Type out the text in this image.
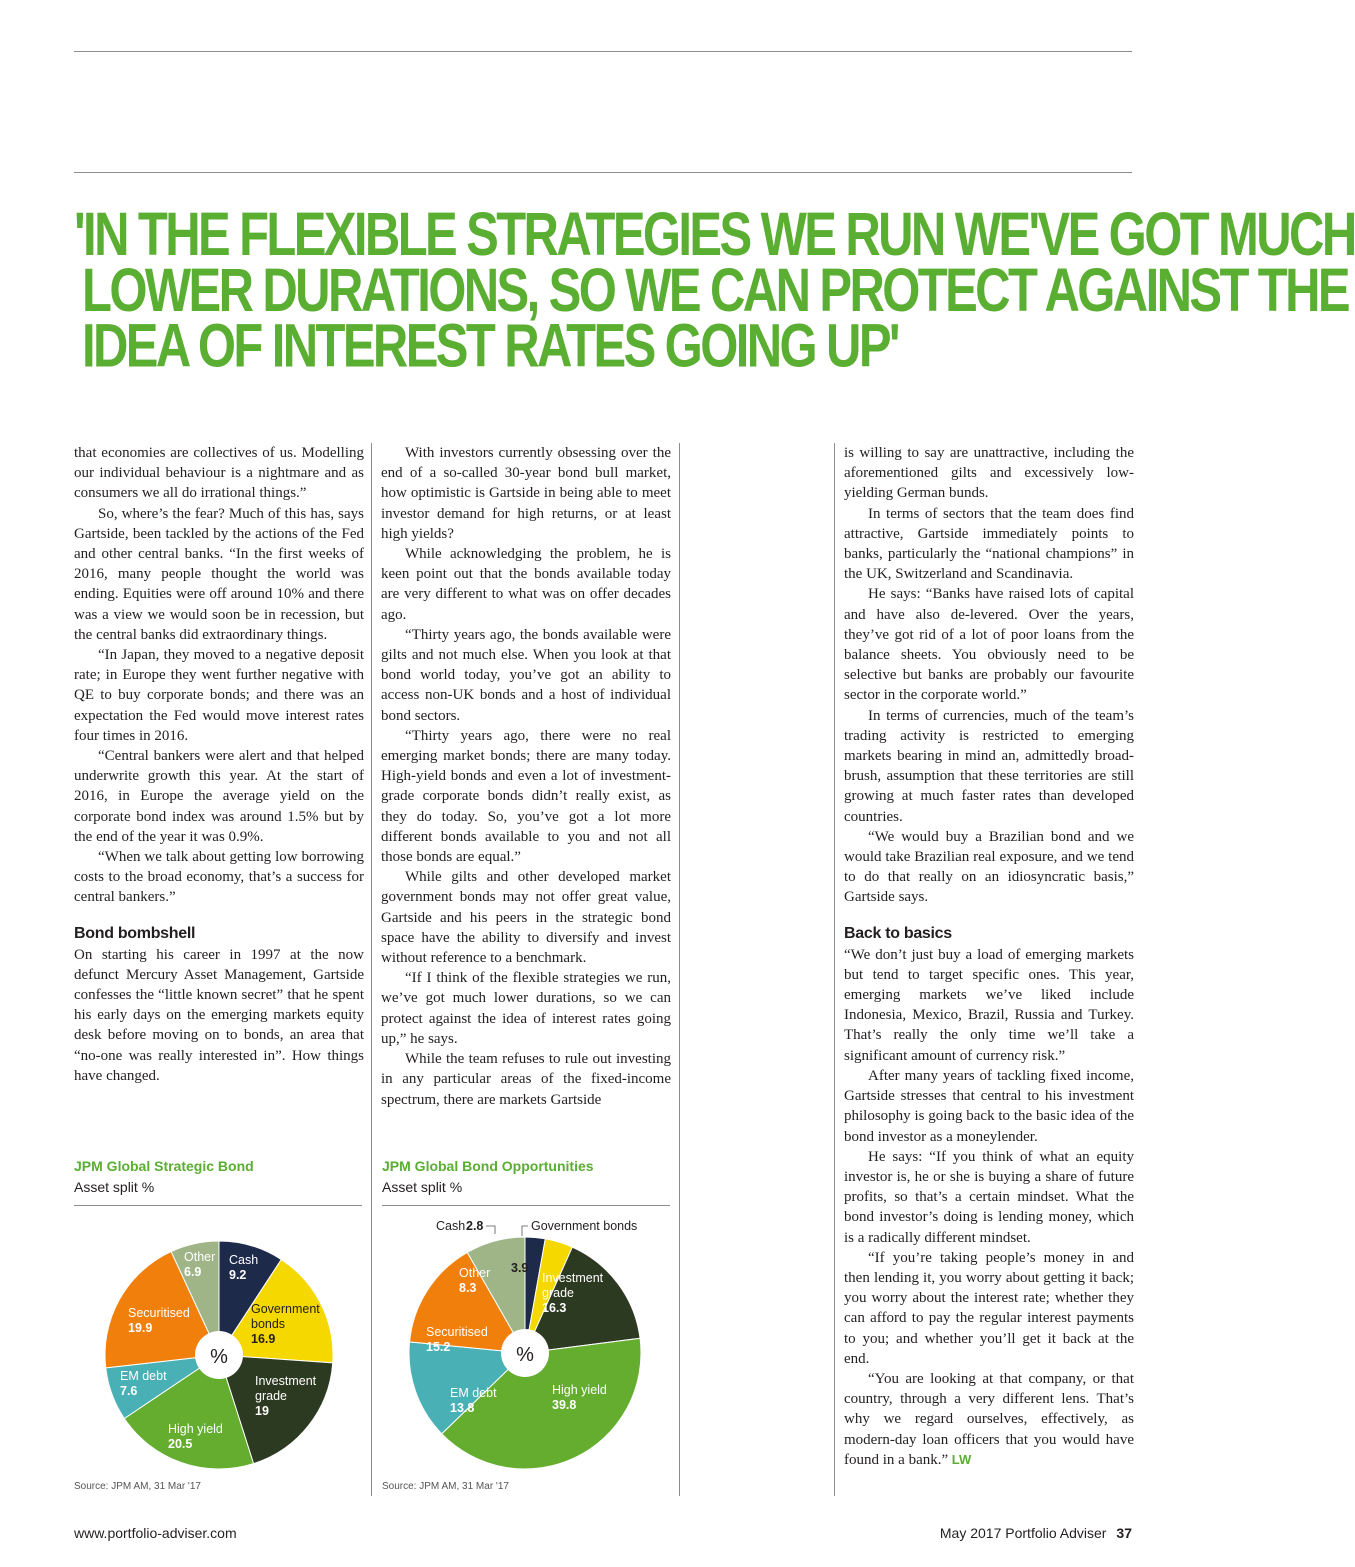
'IN THE FLEXIBLE STRATEGIES WE RUN WE'VE GOT MUCH
LOWER DURATIONS, SO WE CAN PROTECT AGAINST THE
IDEA OF INTEREST RATES GOING UP'

that economies are collectives of us. Modelling our individual behaviour is a nightmare and as consumers we all do irrational things.”

So, where’s the fear? Much of this has, says Gartside, been tackled by the actions of the Fed and other central banks. “In the first weeks of 2016, many people thought the world was ending. Equities were off around 10% and there was a view we would soon be in recession, but the central banks did extraordinary things.

“In Japan, they moved to a negative deposit rate; in Europe they went further negative with QE to buy corporate bonds; and there was an expectation the Fed would move interest rates four times in 2016.

“Central bankers were alert and that helped underwrite growth this year. At the start of 2016, in Europe the average yield on the corporate bond index was around 1.5% but by the end of the year it was 0.9%.

“When we talk about getting low borrowing costs to the broad economy, that’s a success for central bankers.”

Bond bombshell

On starting his career in 1997 at the now defunct Mercury Asset Management, Gartside confesses the “little known secret” that he spent his early days on the emerging markets equity desk before moving on to bonds, an area that “no-one was really interested in”. How things have changed.

With investors currently obsessing over the end of a so-called 30-year bond bull market, how optimistic is Gartside in being able to meet investor demand for high returns, or at least high yields?

While acknowledging the problem, he is keen point out that the bonds available today are very different to what was on offer decades ago.

“Thirty years ago, the bonds available were gilts and not much else. When you look at that bond world today, you’ve got an ability to access non-UK bonds and a host of individual bond sectors.

“Thirty years ago, there were no real emerging market bonds; there are many today. High-yield bonds and even a lot of investment-grade corporate bonds didn’t really exist, as they do today. So, you’ve got a lot more different bonds available to you and not all those bonds are equal.”

While gilts and other developed market government bonds may not offer great value, Gartside and his peers in the strategic bond space have the ability to diversify and invest without reference to a benchmark.

“If I think of the flexible strategies we run, we’ve got much lower durations, so we can protect against the idea of interest rates going up,” he says.

While the team refuses to rule out investing in any particular areas of the fixed-income spectrum, there are markets Gartside

is willing to say are unattractive, including the aforementioned gilts and excessively low-yielding German bunds.

In terms of sectors that the team does find attractive, Gartside immediately points to banks, particularly the “national champions” in the UK, Switzerland and Scandinavia.

He says: “Banks have raised lots of capital and have also de-levered. Over the years, they’ve got rid of a lot of poor loans from the balance sheets. You obviously need to be selective but banks are probably our favourite sector in the corporate world.”

In terms of currencies, much of the team’s trading activity is restricted to emerging markets bearing in mind an, admittedly broad-brush, assumption that these territories are still growing at much faster rates than developed countries.

“We would buy a Brazilian bond and we would take Brazilian real exposure, and we tend to do that really on an idiosyncratic basis,” Gartside says.

Back to basics

“We don’t just buy a load of emerging markets but tend to target specific ones. This year, emerging markets we’ve liked include Indonesia, Mexico, Brazil, Russia and Turkey. That’s really the only time we’ll take a significant amount of currency risk.”

After many years of tackling fixed income, Gartside stresses that central to his investment philosophy is going back to the basic idea of the bond investor as a moneylender.

He says: “If you think of what an equity investor is, he or she is buying a share of future profits, so that’s a certain mindset. What the bond investor’s doing is lending money, which is a radically different mindset.

“If you’re taking people’s money in and then lending it, you worry about getting it back; you worry about the interest rate; whether they can afford to pay the regular interest payments to you; and whether you’ll get it back at the end.

“You are looking at that company, or that country, through a very different lens. That’s why we regard ourselves, effectively, as modern-day loan officers that you would have found in a bank.” LW

JPM Global Strategic Bond
Asset split %
%
Cash
9.2
Government
bonds
16.9
Investment
grade
19
High yield
20.5
EM debt
7.6
Securitised
19.9
Other
6.9
Source: JPM AM, 31 Mar '17
JPM Global Bond Opportunities
Asset split %
%
Cash 2.8
3.9
Investment
grade
16.3
High yield
39.8
EM debt
13.8
Securitised
15.2
Other
8.3
Government bonds
Source: JPM AM, 31 Mar '17
www.portfolio-adviser.com	May 2017 Portfolio Adviser 37
